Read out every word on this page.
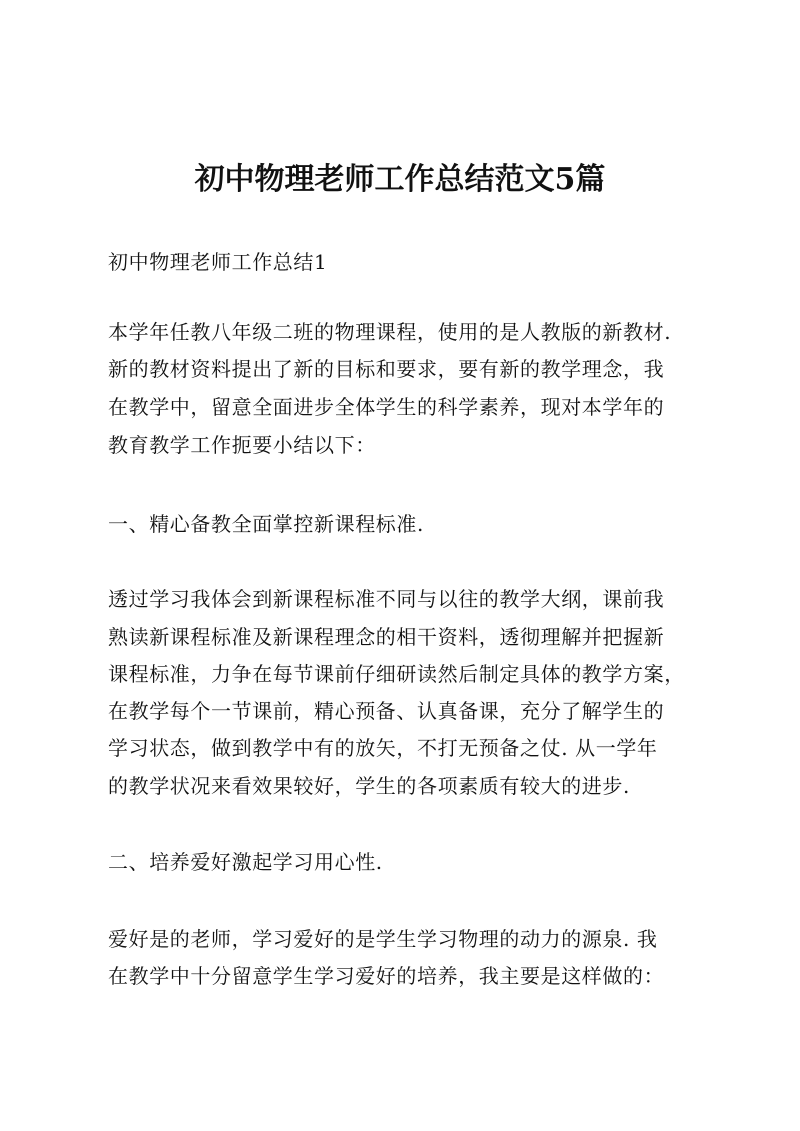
初中物理老师工作总结范文5篇
初中物理老师工作总结1
本学年任教八年级二班的物理课程，使用的是人教版的新教材.
新的教材资料提出了新的目标和要求，要有新的教学理念，我
在教学中，留意全面进步全体学生的科学素养，现对本学年的
教育教学工作扼要小结以下：
一、精心备教全面掌控新课程标准.
透过学习我体会到新课程标准不同与以往的教学大纲，课前我
熟读新课程标准及新课程理念的相干资料，透彻理解并把握新
课程标准，力争在每节课前仔细研读然后制定具体的教学方案，
在教学每个一节课前，精心预备、认真备课，充分了解学生的
学习状态，做到教学中有的放矢，不打无预备之仗. 从一学年
的教学状况来看效果较好，学生的各项素质有较大的进步.
二、培养爱好激起学习用心性.
爱好是的老师，学习爱好的是学生学习物理的动力的源泉. 我
在教学中十分留意学生学习爱好的培养，我主要是这样做的：
